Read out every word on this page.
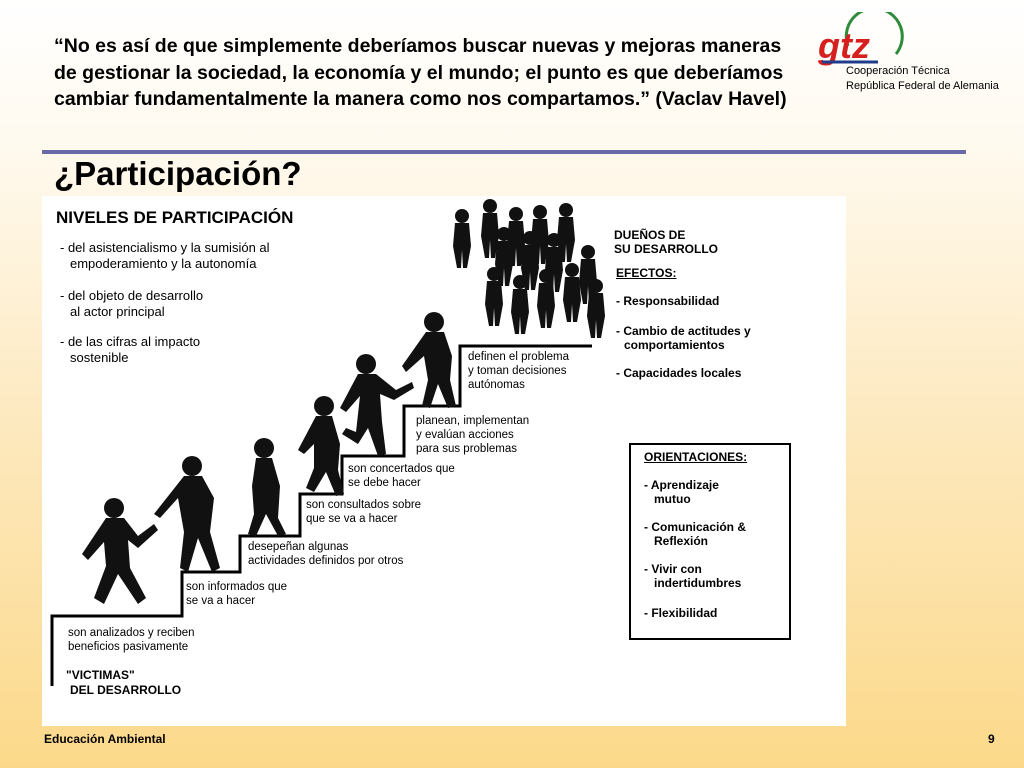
“No es así de que simplemente deberíamos buscar nuevas y mejoras maneras de gestionar la sociedad, la economía y el mundo; el punto es que deberíamos cambiar fundamentalmente la manera como nos compartamos.” (Vaclav Havel)
gtz
Cooperación Técnica
República Federal de Alemania
¿Participación?
NIVELES DE PARTICIPACIÓN
- del asistencialismo y la sumisión al
empoderamiento y la autonomía
- del objeto de desarrollo
al actor principal
- de las cifras al impacto
sostenible
son analizados y reciben
beneficios pasivamente
son informados que
se va a hacer
desepeñan algunas
actividades definidos por otros
son consultados sobre
que se va a hacer
son concertados que
se debe hacer
planean, implementan
y evalúan acciones
para sus problemas
definen el problema
y toman decisiones
autónomas
"VICTIMAS"
DEL DESARROLLO
DUEÑOS DE
SU DESARROLLO
EFECTOS:
- Responsabilidad
- Cambio de actitudes y
comportamientos
- Capacidades locales
ORIENTACIONES:
- Aprendizaje
mutuo
- Comunicación &
Reflexión
- Vivir con
indertidumbres
- Flexibilidad
Educación Ambiental	9
